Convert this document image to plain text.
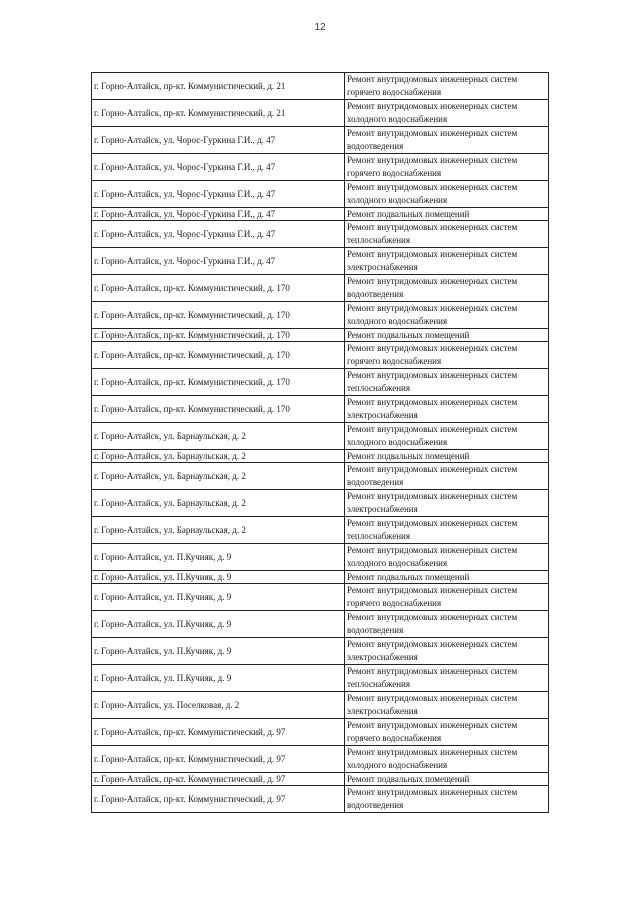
12
г. Горно-Алтайск, пр-кт. Коммунистический, д. 21	Ремонт внутридомовых инженерных систем
горячего водоснабжения

г. Горно-Алтайск, пр-кт. Коммунистический, д. 21	Ремонт внутридомовых инженерных систем
холодного водоснабжения

г. Горно-Алтайск, ул. Чорос-Гуркина Г.И., д. 47	Ремонт внутридомовых инженерных систем
водоотведения

г. Горно-Алтайск, ул. Чорос-Гуркина Г.И., д. 47	Ремонт внутридомовых инженерных систем
горячего водоснабжения

г. Горно-Алтайск, ул. Чорос-Гуркина Г.И., д. 47	Ремонт внутридомовых инженерных систем
холодного водоснабжения

г. Горно-Алтайск, ул. Чорос-Гуркина Г.И., д. 47	Ремонт подвальных помещений

г. Горно-Алтайск, ул. Чорос-Гуркина Г.И., д. 47	Ремонт внутридомовых инженерных систем
теплоснабжения

г. Горно-Алтайск, ул. Чорос-Гуркина Г.И., д. 47	Ремонт внутридомовых инженерных систем
электроснабжения

г. Горно-Алтайск, пр-кт. Коммунистический, д. 170	Ремонт внутридомовых инженерных систем
водоотведения

г. Горно-Алтайск, пр-кт. Коммунистический, д. 170	Ремонт внутридомовых инженерных систем
холодного водоснабжения

г. Горно-Алтайск, пр-кт. Коммунистический, д. 170	Ремонт подвальных помещений

г. Горно-Алтайск, пр-кт. Коммунистический, д. 170	Ремонт внутридомовых инженерных систем
горячего водоснабжения

г. Горно-Алтайск, пр-кт. Коммунистический, д. 170	Ремонт внутридомовых инженерных систем
теплоснабжения

г. Горно-Алтайск, пр-кт. Коммунистический, д. 170	Ремонт внутридомовых инженерных систем
электроснабжения

г. Горно-Алтайск, ул. Барнаульская, д. 2	Ремонт внутридомовых инженерных систем
холодного водоснабжения

г. Горно-Алтайск, ул. Барнаульская, д. 2	Ремонт подвальных помещений

г. Горно-Алтайск, ул. Барнаульская, д. 2	Ремонт внутридомовых инженерных систем
водоотведения

г. Горно-Алтайск, ул. Барнаульская, д. 2	Ремонт внутридомовых инженерных систем
электроснабжения

г. Горно-Алтайск, ул. Барнаульская, д. 2	Ремонт внутридомовых инженерных систем
теплоснабжения

г. Горно-Алтайск, ул. П.Кучияк, д. 9	Ремонт внутридомовых инженерных систем
холодного водоснабжения

г. Горно-Алтайск, ул. П.Кучияк, д. 9	Ремонт подвальных помещений

г. Горно-Алтайск, ул. П.Кучияк, д. 9	Ремонт внутридомовых инженерных систем
горячего водоснабжения

г. Горно-Алтайск, ул. П.Кучияк, д. 9	Ремонт внутридомовых инженерных систем
водоотведения

г. Горно-Алтайск, ул. П.Кучияк, д. 9	Ремонт внутридомовых инженерных систем
электроснабжения

г. Горно-Алтайск, ул. П.Кучияк, д. 9	Ремонт внутридомовых инженерных систем
теплоснабжения

г. Горно-Алтайск, ул. Поселковая, д. 2	Ремонт внутридомовых инженерных систем
электроснабжения

г. Горно-Алтайск, пр-кт. Коммунистический, д. 97	Ремонт внутридомовых инженерных систем
горячего водоснабжения

г. Горно-Алтайск, пр-кт. Коммунистический, д. 97	Ремонт внутридомовых инженерных систем
холодного водоснабжения

г. Горно-Алтайск, пр-кт. Коммунистический, д. 97	Ремонт подвальных помещений

г. Горно-Алтайск, пр-кт. Коммунистический, д. 97	Ремонт внутридомовых инженерных систем
водоотведения
